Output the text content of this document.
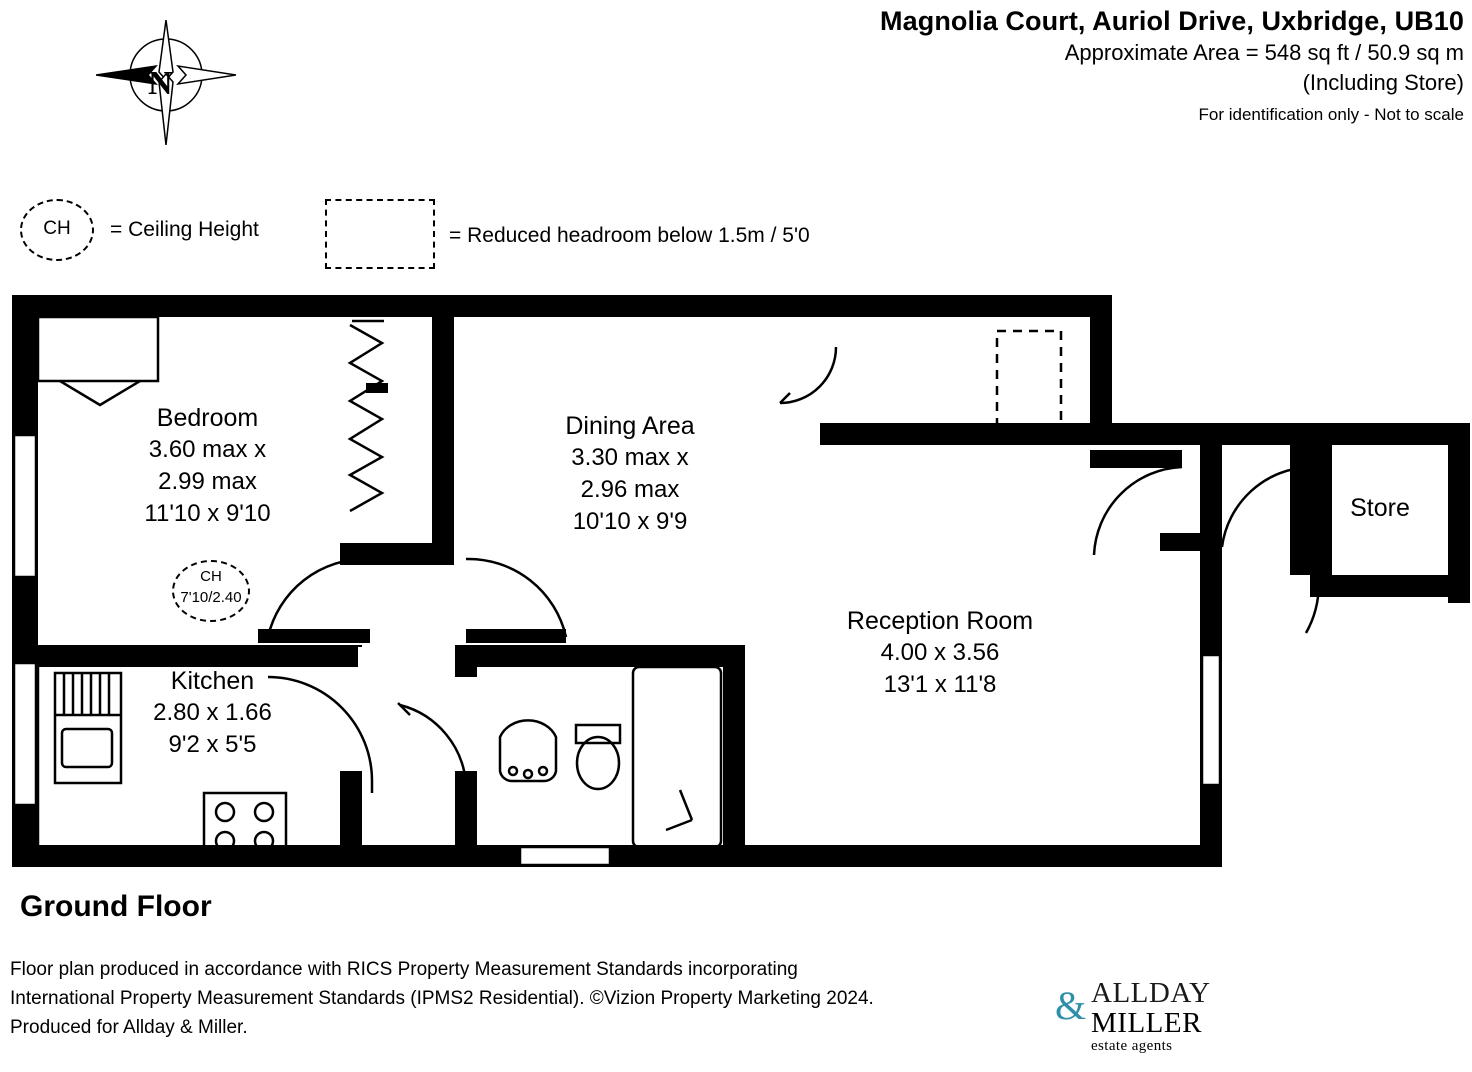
Magnolia Court, Auriol Drive, Uxbridge, UB10
Approximate Area = 548 sq ft / 50.9 sq m
(Including Store)
For identification only - Not to scale
N
CH	= Ceiling Height	= Reduced headroom below 1.5m / 5'0
Bedroom
3.60 max x
2.99 max
11'10 x 9'10
CH
7'10/2.40
Dining Area
3.30 max x
2.96 max
10'10 x 9'9
Kitchen
2.80 x 1.66
9'2 x 5'5
Reception Room
4.00 x 3.56
13'1 x 11'8
Store
Ground Floor
Floor plan produced in accordance with RICS Property Measurement Standards incorporating
International Property Measurement Standards (IPMS2 Residential). ©Vizion Property Marketing 2024.
Produced for Allday & Miller.	& ALLDAY
MILLER
estate agents
